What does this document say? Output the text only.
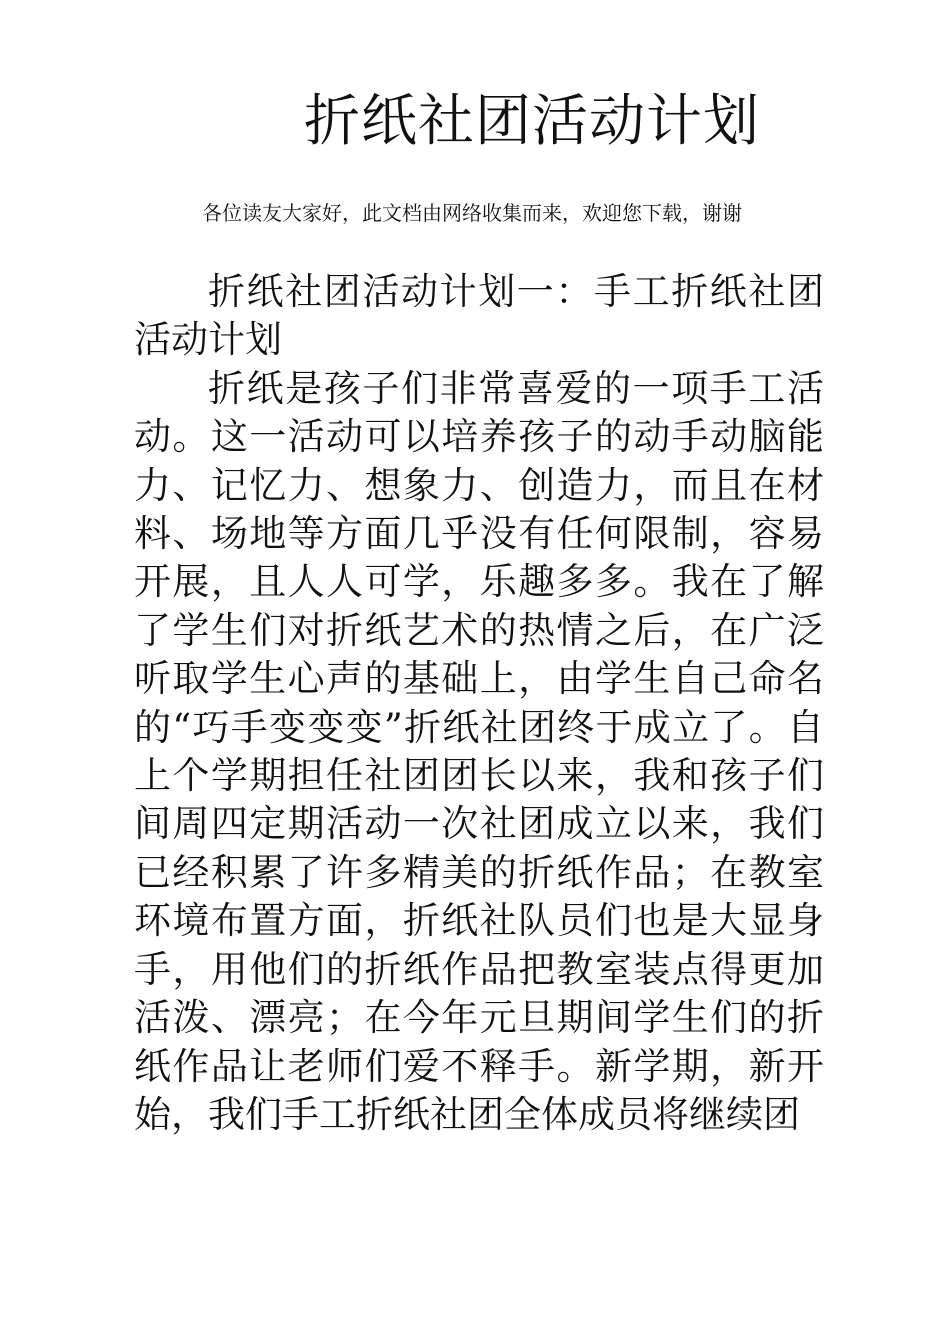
折纸社团活动计划
各位读友大家好，此文档由网络收集而来，欢迎您下载，谢谢

折纸社团活动计划一：手工折纸社团活动计划

折纸是孩子们非常喜爱的一项手工活动。这一活动可以培养孩子的动手动脑能力、记忆力、想象力、创造力，而且在材料、场地等方面几乎没有任何限制，容易开展，且人人可学，乐趣多多。我在了解了学生们对折纸艺术的热情之后，在广泛听取学生心声的基础上，由学生自己命名的“巧手变变变”折纸社团终于成立了。自上个学期担任社团团长以来，我和孩子们间周四定期活动一次社团成立以来，我们已经积累了许多精美的折纸作品；在教室环境布置方面，折纸社队员们也是大显身手，用他们的折纸作品把教室装点得更加活泼、漂亮；在今年元旦期间学生们的折纸作品让老师们爱不释手。新学期，新开始，我们手工折纸社团全体成员将继续团
